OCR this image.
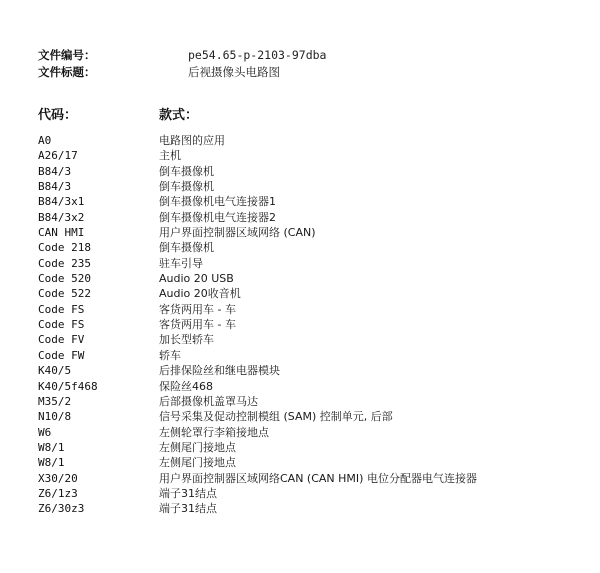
文件编号：	pe54.65-p-2103-97dba
文件标题：	后视摄像头电路图
代码：	款式：
A0	电路图的应用
A26/17	主机
B84/3	倒车摄像机
B84/3	倒车摄像机
B84/3x1	倒车摄像机电气连接器1
B84/3x2	倒车摄像机电气连接器2
CAN HMI	用户界面控制器区域网络 (CAN)
Code 218	倒车摄像机
Code 235	驻车引导
Code 520	Audio 20 USB
Code 522	Audio 20收音机
Code FS	客货两用车 - 车
Code FS	客货两用车 - 车
Code FV	加长型轿车
Code FW	轿车
K40/5	后排保险丝和继电器模块
K40/5f468	保险丝468
M35/2	后部摄像机盖罩马达
N10/8	信号采集及促动控制模组 (SAM) 控制单元, 后部
W6	左侧轮罩行李箱接地点
W8/1	左侧尾门接地点
W8/1	左侧尾门接地点
X30/20	用户界面控制器区域网络CAN (CAN HMI) 电位分配器电气连接器
Z6/1z3	端子31结点
Z6/30z3	端子31结点
